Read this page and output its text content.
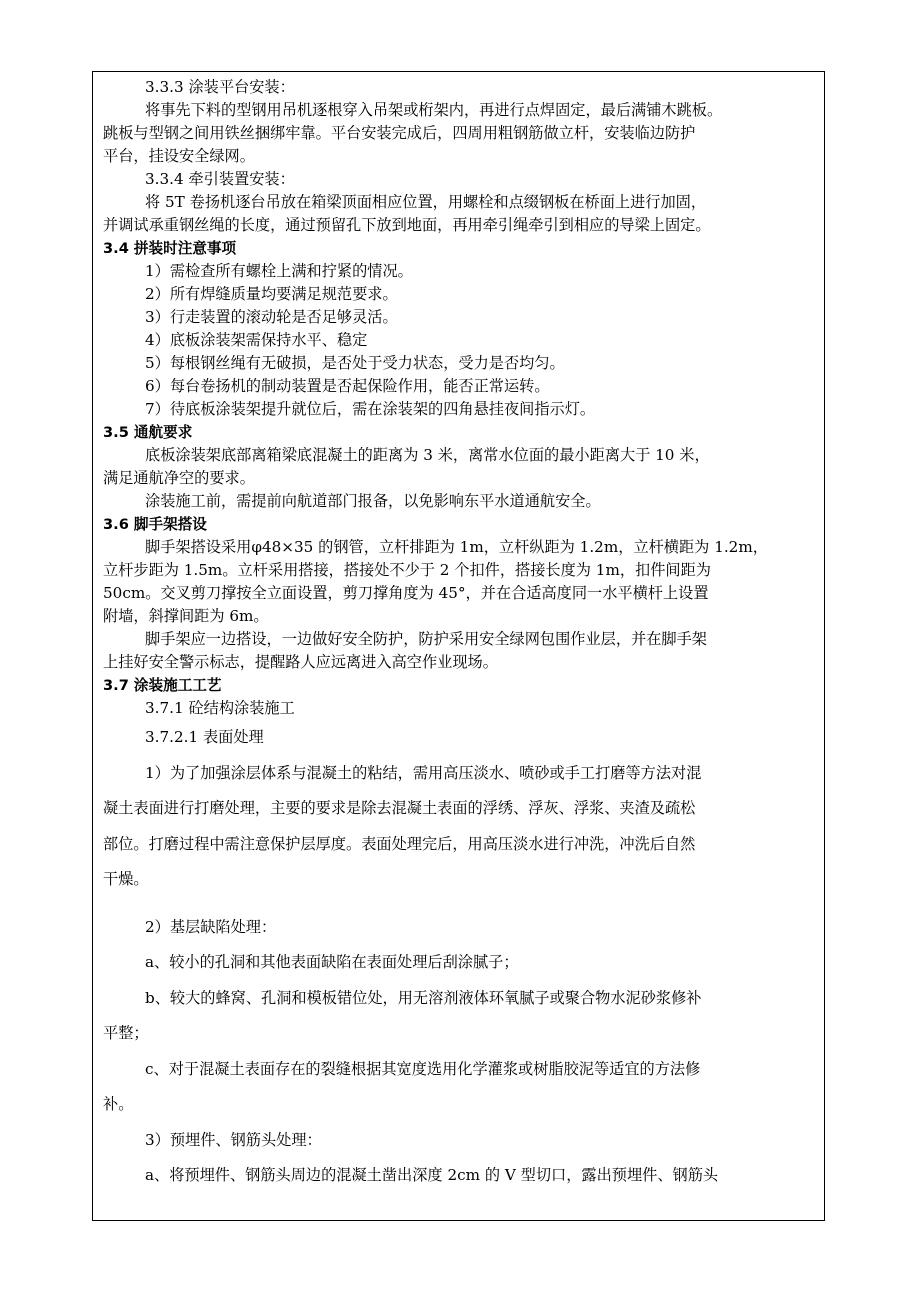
3.3.3 涂装平台安装：
将事先下料的型钢用吊机逐根穿入吊架或桁架内，再进行点焊固定，最后满铺木跳板。
跳板与型钢之间用铁丝捆绑牢靠。平台安装完成后，四周用粗钢筋做立杆，安装临边防护
平台，挂设安全绿网。
3.3.4 牵引装置安装：
将 5T 卷扬机逐台吊放在箱梁顶面相应位置，用螺栓和点缀钢板在桥面上进行加固，
并调试承重钢丝绳的长度，通过预留孔下放到地面，再用牵引绳牵引到相应的导梁上固定。
3.4 拼装时注意事项
1）需检查所有螺栓上满和拧紧的情况。
2）所有焊缝质量均要满足规范要求。
3）行走装置的滚动轮是否足够灵活。
4）底板涂装架需保持水平、稳定
5）每根钢丝绳有无破损，是否处于受力状态，受力是否均匀。
6）每台卷扬机的制动装置是否起保险作用，能否正常运转。
7）待底板涂装架提升就位后，需在涂装架的四角悬挂夜间指示灯。
3.5 通航要求
底板涂装架底部离箱梁底混凝土的距离为 3 米，离常水位面的最小距离大于 10 米，
满足通航净空的要求。
涂装施工前，需提前向航道部门报备，以免影响东平水道通航安全。
3.6 脚手架搭设
脚手架搭设采用φ48×35 的钢管，立杆排距为 1m，立杆纵距为 1.2m，立杆横距为 1.2m，
立杆步距为 1.5m。立杆采用搭接，搭接处不少于 2 个扣件，搭接长度为 1m，扣件间距为
50cm。交叉剪刀撑按全立面设置，剪刀撑角度为 45°，并在合适高度同一水平横杆上设置
附墙，斜撑间距为 6m。
脚手架应一边搭设，一边做好安全防护，防护采用安全绿网包围作业层，并在脚手架
上挂好安全警示标志，提醒路人应远离进入高空作业现场。
3.7 涂装施工工艺
3.7.1 砼结构涂装施工
3.7.2.1 表面处理
1）为了加强涂层体系与混凝土的粘结，需用高压淡水、喷砂或手工打磨等方法对混
凝土表面进行打磨处理，主要的要求是除去混凝土表面的浮绣、浮灰、浮浆、夹渣及疏松
部位。打磨过程中需注意保护层厚度。表面处理完后，用高压淡水进行冲洗，冲洗后自然
干燥。
2）基层缺陷处理：
a、较小的孔洞和其他表面缺陷在表面处理后刮涂腻子；
b、较大的蜂窝、孔洞和模板错位处，用无溶剂液体环氧腻子或聚合物水泥砂浆修补
平整；
c、对于混凝土表面存在的裂缝根据其宽度选用化学灌浆或树脂胶泥等适宜的方法修
补。
3）预埋件、钢筋头处理：
a、将预埋件、钢筋头周边的混凝土凿出深度 2cm 的 V 型切口，露出预埋件、钢筋头
